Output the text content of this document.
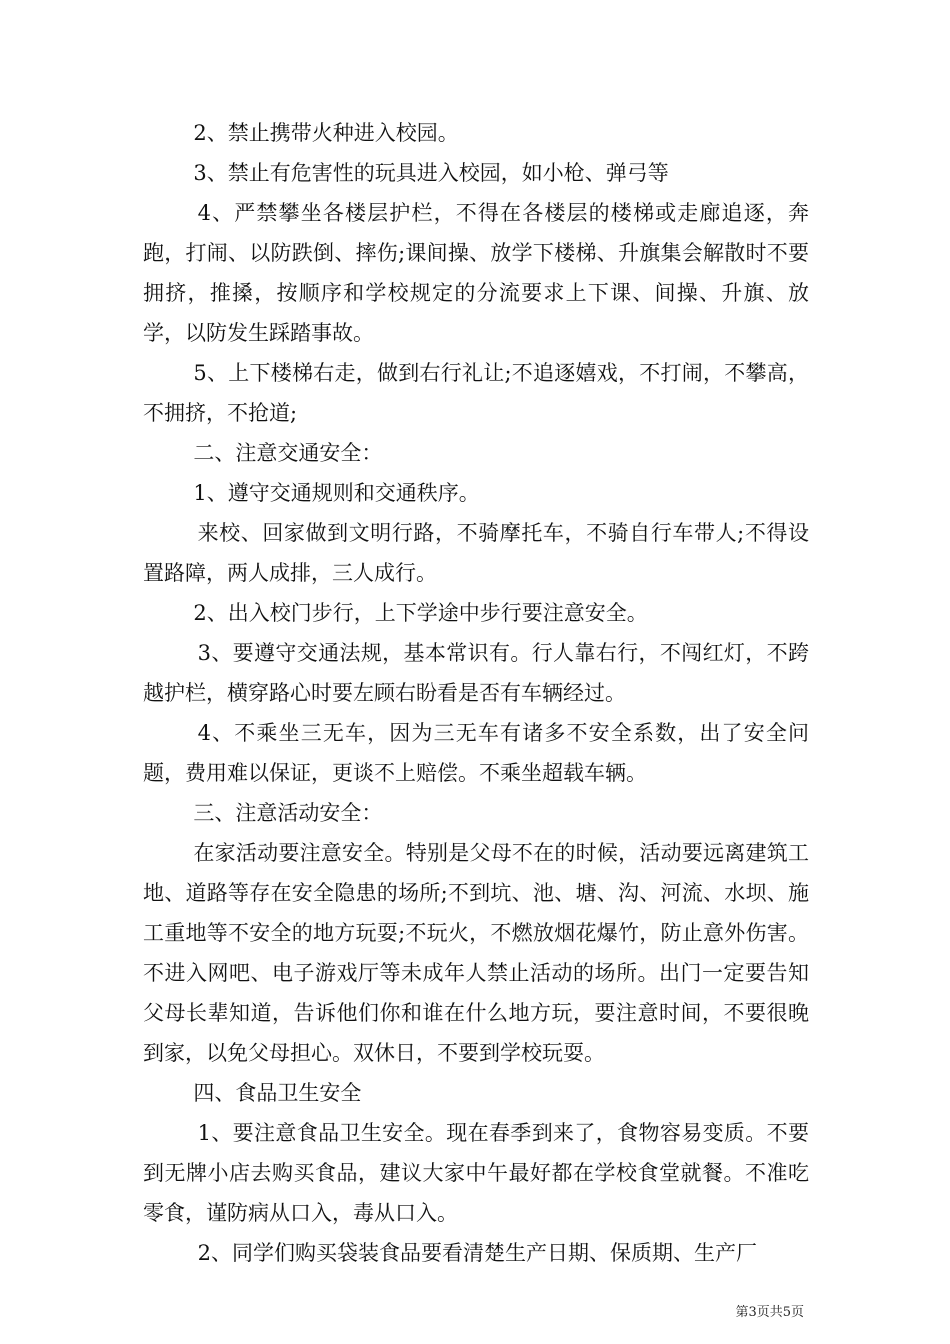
2、禁止携带火种进入校园。

3、禁止有危害性的玩具进入校园，如小枪、弹弓等

4、严禁攀坐各楼层护栏，不得在各楼层的楼梯或走廊追逐，奔跑，打闹、以防跌倒、摔伤;课间操、放学下楼梯、升旗集会解散时不要拥挤，推搡，按顺序和学校规定的分流要求上下课、间操、升旗、放学，以防发生踩踏事故。

5、上下楼梯右走，做到右行礼让;不追逐嬉戏，不打闹，不攀高，不拥挤，不抢道;

二、注意交通安全：

1、遵守交通规则和交通秩序。

来校、回家做到文明行路，不骑摩托车，不骑自行车带人;不得设置路障，两人成排，三人成行。

2、出入校门步行，上下学途中步行要注意安全。

3、要遵守交通法规，基本常识有。行人靠右行，不闯红灯，不跨越护栏，横穿路心时要左顾右盼看是否有车辆经过。

4、不乘坐三无车，因为三无车有诸多不安全系数，出了安全问题，费用难以保证，更谈不上赔偿。不乘坐超载车辆。

三、注意活动安全：

在家活动要注意安全。特别是父母不在的时候，活动要远离建筑工地、道路等存在安全隐患的场所;不到坑、池、塘、沟、河流、水坝、施工重地等不安全的地方玩耍;不玩火，不燃放烟花爆竹，防止意外伤害。不进入网吧、电子游戏厅等未成年人禁止活动的场所。出门一定要告知父母长辈知道，告诉他们你和谁在什么地方玩，要注意时间，不要很晚到家，以免父母担心。双休日，不要到学校玩耍。

四、食品卫生安全

1、要注意食品卫生安全。现在春季到来了，食物容易变质。不要到无牌小店去购买食品，建议大家中午最好都在学校食堂就餐。不准吃零食，谨防病从口入，毒从口入。

2、同学们购买袋装食品要看清楚生产日期、保质期、生产厂

第3页共5页
